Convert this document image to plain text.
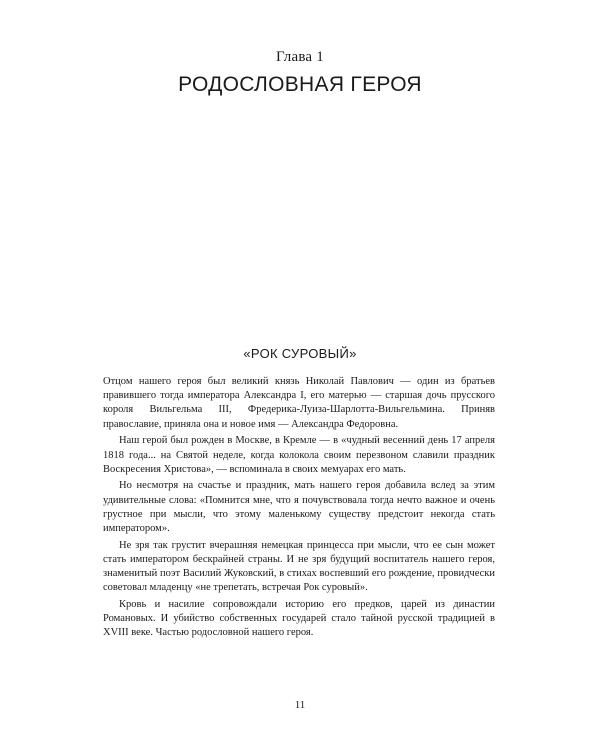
Глава 1
РОДОСЛОВНАЯ ГЕРОЯ
«РОК СУРОВЫЙ»

Отцом нашего героя был великий князь Николай Павлович — один из братьев правившего тогда императора Александра I, его матерью — старшая дочь прусского короля Вильгельма III, Фредерика-Луиза-Шарлотта-Вильгельмина. Приняв православие, приняла она и новое имя — Александра Федоровна.

Наш герой был рожден в Москве, в Кремле — в «чудный весенний день 17 апреля 1818 года... на Святой неделе, когда колокола своим перезвоном славили праздник Воскресения Христова», — вспоминала в своих мемуарах его мать.

Но несмотря на счастье и праздник, мать нашего героя добавила вслед за этим удивительные слова: «Помнится мне, что я почувствовала тогда нечто важное и очень грустное при мысли, что этому маленькому существу предстоит некогда стать императором».

Не зря так грустит вчерашняя немецкая принцесса при мысли, что ее сын может стать императором бескрайней страны. И не зря будущий воспитатель нашего героя, знаменитый поэт Василий Жуковский, в стихах воспевший его рождение, провидчески советовал младенцу «не трепетать, встречая Рок суровый».

Кровь и насилие сопровождали историю его предков, царей из династии Романовых. И убийство собственных государей стало тайной русской традицией в XVIII веке. Частью родословной нашего героя.

11
